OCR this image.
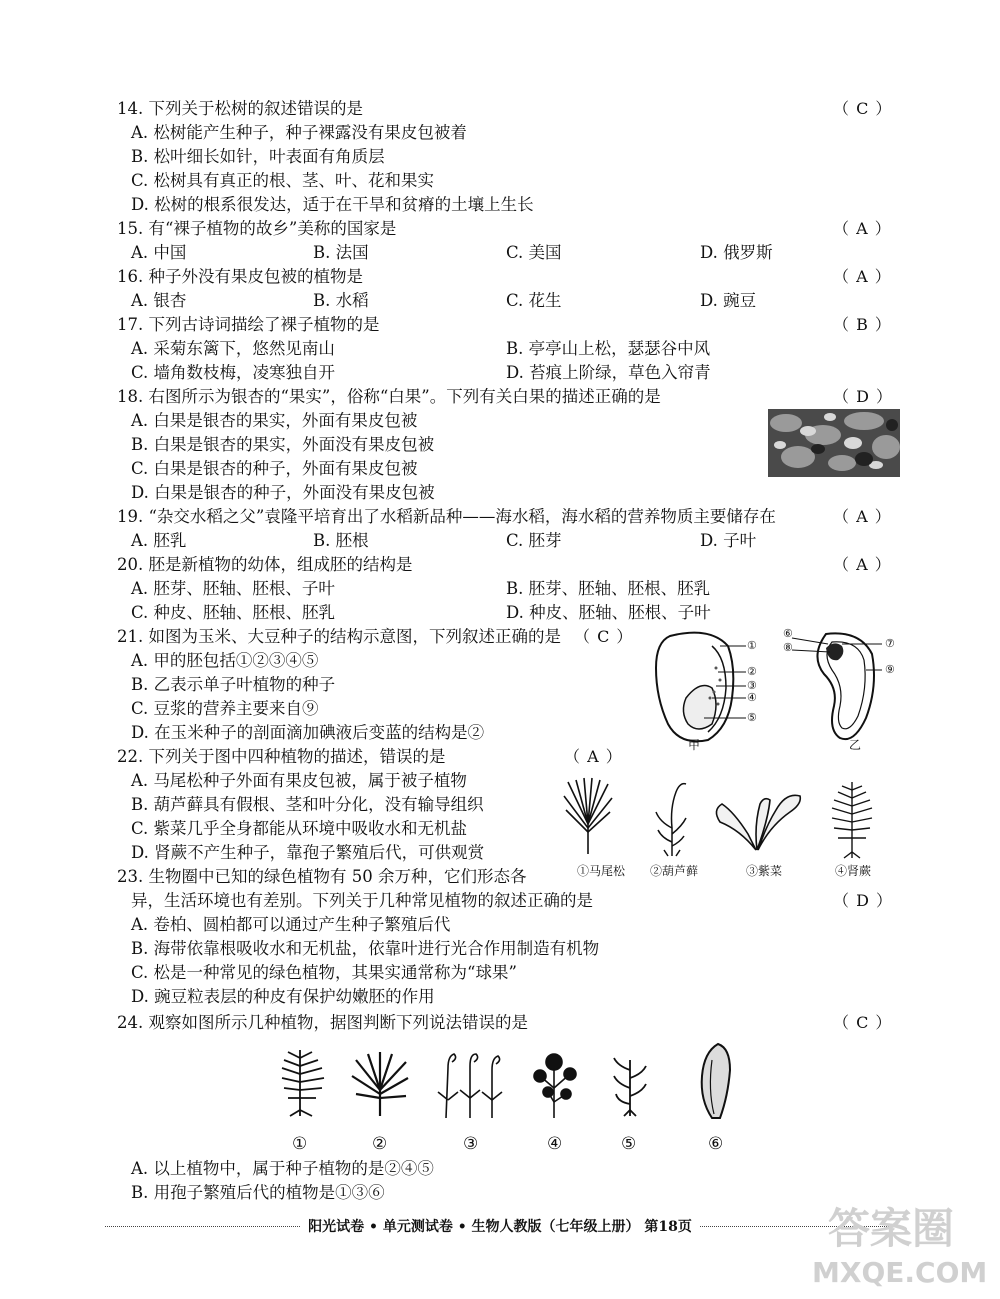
14. 下列关于松树的叙述错误的是	（ C ）
A. 松树能产生种子，种子裸露没有果皮包被着
B. 松叶细长如针，叶表面有角质层
C. 松树具有真正的根、茎、叶、花和果实
D. 松树的根系很发达，适于在干旱和贫瘠的土壤上生长
15. 有“裸子植物的故乡”美称的国家是	（ A ）
A. 中国	B. 法国	C. 美国	D. 俄罗斯
16. 种子外没有果皮包被的植物是	（ A ）
A. 银杏	B. 水稻	C. 花生	D. 豌豆
17. 下列古诗词描绘了裸子植物的是	（ B ）
A. 采菊东篱下，悠然见南山	B. 亭亭山上松，瑟瑟谷中风
C. 墙角数枝梅，凌寒独自开	D. 苔痕上阶绿，草色入帘青
18. 右图所示为银杏的“果实”，俗称“白果”。下列有关白果的描述正确的是	（ D ）
A. 白果是银杏的果实，外面有果皮包被
B. 白果是银杏的果实，外面没有果皮包被
C. 白果是银杏的种子，外面有果皮包被
D. 白果是银杏的种子，外面没有果皮包被
19. “杂交水稻之父”袁隆平培育出了水稻新品种——海水稻，海水稻的营养物质主要储存在	（ A ）
A. 胚乳	B. 胚根	C. 胚芽	D. 子叶
20. 胚是新植物的幼体，组成胚的结构是	（ A ）
A. 胚芽、胚轴、胚根、子叶	B. 胚芽、胚轴、胚根、胚乳
C. 种皮、胚轴、胚根、胚乳	D. 种皮、胚轴、胚根、子叶
21. 如图为玉米、大豆种子的结构示意图，下列叙述正确的是 （ C ）
A. 甲的胚包括①②③④⑤
B. 乙表示单子叶植物的种子
C. 豆浆的营养主要来自⑨
D. 在玉米种子的剖面滴加碘液后变蓝的结构是②
①
②
③
④
⑤
甲
⑥
⑧	⑦
⑨
乙
22. 下列关于图中四种植物的描述，错误的是	（ A ）
A. 马尾松种子外面有果皮包被，属于被子植物
B. 葫芦藓具有假根、茎和叶分化，没有输导组织
C. 紫菜几乎全身都能从环境中吸收水和无机盐
D. 肾蕨不产生种子，靠孢子繁殖后代，可供观赏
①马尾松 ②葫芦藓	③紫菜	④肾蕨
23. 生物圈中已知的绿色植物有 50 余万种，它们形态各
异，生活环境也有差别。下列关于几种常见植物的叙述正确的是	（ D ）
A. 卷柏、圆柏都可以通过产生种子繁殖后代
B. 海带依靠根吸收水和无机盐，依靠叶进行光合作用制造有机物
C. 松是一种常见的绿色植物，其果实通常称为“球果”
D. 豌豆粒表层的种皮有保护幼嫩胚的作用
24. 观察如图所示几种植物，据图判断下列说法错误的是	（ C ）
①	②	③	④	⑤	⑥
A. 以上植物中，属于种子植物的是②④⑤
B. 用孢子繁殖后代的植物是①③⑥
阳光试卷 • 单元测试卷 • 生物人教版（七年级上册） 第18页	答案圈
MXQE.COM
